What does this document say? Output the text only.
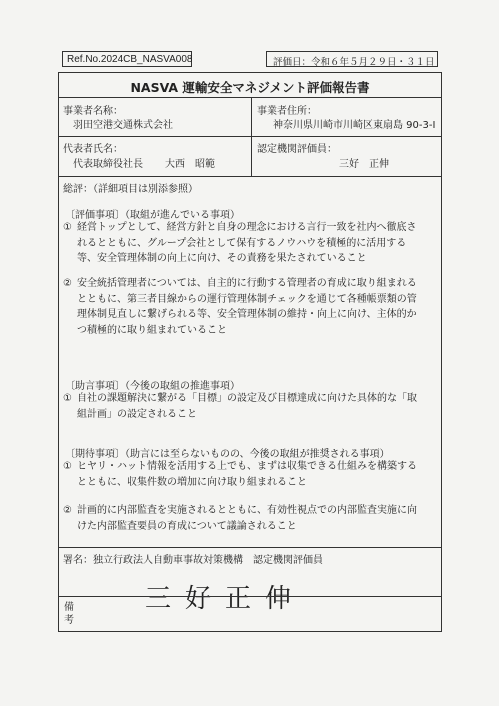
Ref.No.2024CB_NASVA008	評価日：令和６年５月２９日・３１日
NASVA 運輸安全マネジメント評価報告書
事業者名称：
羽田空港交通株式会社
事業者住所：
神奈川県川崎市川崎区東扇島 90-3-I
代表者氏名：
代表取締役社長 大西　昭範
認定機関評価員：
三好　正伸
総評：（詳細項目は別添参照）
〔評価事項〕（取組が進んでいる事項）
① 経営トップとして、経営方針と自身の理念における言行一致を社内へ徹底されるとともに、グループ会社として保有するノウハウを積極的に活用する等、安全管理体制の向上に向け、その責務を果たされていること
② 安全統括管理者については、自主的に行動する管理者の育成に取り組まれるとともに、第三者目線からの運行管理体制チェックを通じて各種帳票類の管理体制見直しに繋げられる等、安全管理体制の維持・向上に向け、主体的かつ積極的に取り組まれていること
〔助言事項〕（今後の取組の推進事項）
① 自社の課題解決に繋がる「目標」の設定及び目標達成に向けた具体的な「取組計画」の設定されること
〔期待事項〕（助言には至らないものの、今後の取組が推奨される事項）
① ヒヤリ・ハット情報を活用する上でも、まずは収集できる仕組みを構築するとともに、収集件数の増加に向け取り組まれること
② 計画的に内部監査を実施されるとともに、有効性視点での内部監査実施に向けた内部監査要員の育成について議論されること
署名：独立行政法人自動車事故対策機構　認定機関評価員
三好正伸
備考
